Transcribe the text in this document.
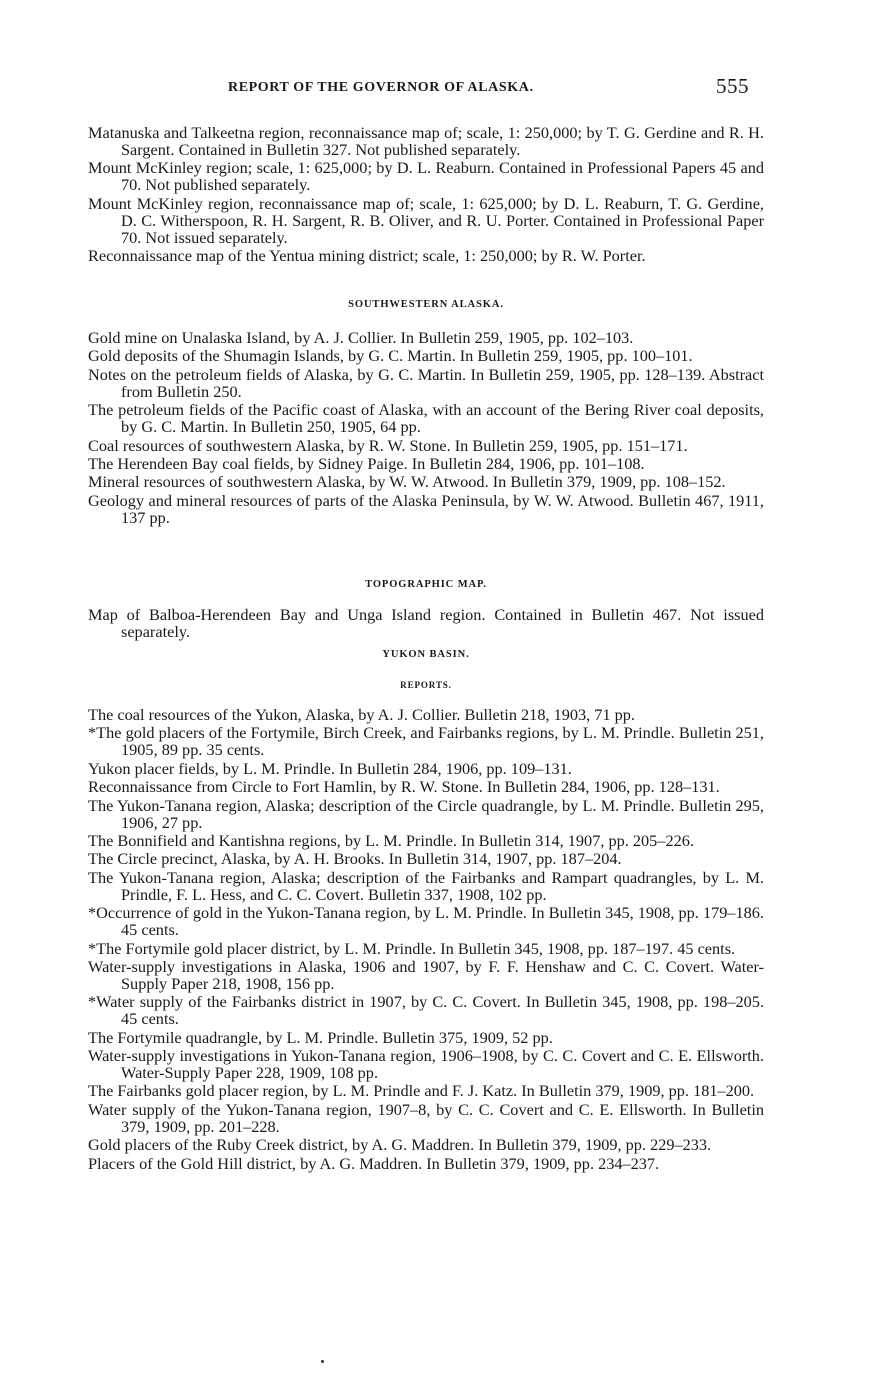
REPORT OF THE GOVERNOR OF ALASKA.	555

Matanuska and Talkeetna region, reconnaissance map of; scale, 1: 250,000; by T. G. Gerdine and R. H. Sargent. Contained in Bulletin 327. Not published separately.

Mount McKinley region; scale, 1: 625,000; by D. L. Reaburn. Contained in Professional Papers 45 and 70. Not published separately.

Mount McKinley region, reconnaissance map of; scale, 1: 625,000; by D. L. Reaburn, T. G. Gerdine, D. C. Witherspoon, R. H. Sargent, R. B. Oliver, and R. U. Porter. Contained in Professional Paper 70. Not issued separately.

Reconnaissance map of the Yentua mining district; scale, 1: 250,000; by R. W. Porter.

SOUTHWESTERN ALASKA.

Gold mine on Unalaska Island, by A. J. Collier. In Bulletin 259, 1905, pp. 102–103.

Gold deposits of the Shumagin Islands, by G. C. Martin. In Bulletin 259, 1905, pp. 100–101.

Notes on the petroleum fields of Alaska, by G. C. Martin. In Bulletin 259, 1905, pp. 128–139. Abstract from Bulletin 250.

The petroleum fields of the Pacific coast of Alaska, with an account of the Bering River coal deposits, by G. C. Martin. In Bulletin 250, 1905, 64 pp.

Coal resources of southwestern Alaska, by R. W. Stone. In Bulletin 259, 1905, pp. 151–171.

The Herendeen Bay coal fields, by Sidney Paige. In Bulletin 284, 1906, pp. 101–108.

Mineral resources of southwestern Alaska, by W. W. Atwood. In Bulletin 379, 1909, pp. 108–152.

Geology and mineral resources of parts of the Alaska Peninsula, by W. W. Atwood. Bulletin 467, 1911, 137 pp.

TOPOGRAPHIC MAP.

Map of Balboa-Herendeen Bay and Unga Island region. Contained in Bulletin 467. Not issued separately.

YUKON BASIN.
REPORTS.

The coal resources of the Yukon, Alaska, by A. J. Collier. Bulletin 218, 1903, 71 pp.

*The gold placers of the Fortymile, Birch Creek, and Fairbanks regions, by L. M. Prindle. Bulletin 251, 1905, 89 pp. 35 cents.

Yukon placer fields, by L. M. Prindle. In Bulletin 284, 1906, pp. 109–131.

Reconnaissance from Circle to Fort Hamlin, by R. W. Stone. In Bulletin 284, 1906, pp. 128–131.

The Yukon-Tanana region, Alaska; description of the Circle quadrangle, by L. M. Prindle. Bulletin 295, 1906, 27 pp.

The Bonnifield and Kantishna regions, by L. M. Prindle. In Bulletin 314, 1907, pp. 205–226.

The Circle precinct, Alaska, by A. H. Brooks. In Bulletin 314, 1907, pp. 187–204.

The Yukon-Tanana region, Alaska; description of the Fairbanks and Rampart quadrangles, by L. M. Prindle, F. L. Hess, and C. C. Covert. Bulletin 337, 1908, 102 pp.

*Occurrence of gold in the Yukon-Tanana region, by L. M. Prindle. In Bulletin 345, 1908, pp. 179–186. 45 cents.

*The Fortymile gold placer district, by L. M. Prindle. In Bulletin 345, 1908, pp. 187–197. 45 cents.

Water-supply investigations in Alaska, 1906 and 1907, by F. F. Henshaw and C. C. Covert. Water-Supply Paper 218, 1908, 156 pp.

*Water supply of the Fairbanks district in 1907, by C. C. Covert. In Bulletin 345, 1908, pp. 198–205. 45 cents.

The Fortymile quadrangle, by L. M. Prindle. Bulletin 375, 1909, 52 pp.

Water-supply investigations in Yukon-Tanana region, 1906–1908, by C. C. Covert and C. E. Ellsworth. Water-Supply Paper 228, 1909, 108 pp.

The Fairbanks gold placer region, by L. M. Prindle and F. J. Katz. In Bulletin 379, 1909, pp. 181–200.

Water supply of the Yukon-Tanana region, 1907–8, by C. C. Covert and C. E. Ellsworth. In Bulletin 379, 1909, pp. 201–228.

Gold placers of the Ruby Creek district, by A. G. Maddren. In Bulletin 379, 1909, pp. 229–233.

Placers of the Gold Hill district, by A. G. Maddren. In Bulletin 379, 1909, pp. 234–237.
